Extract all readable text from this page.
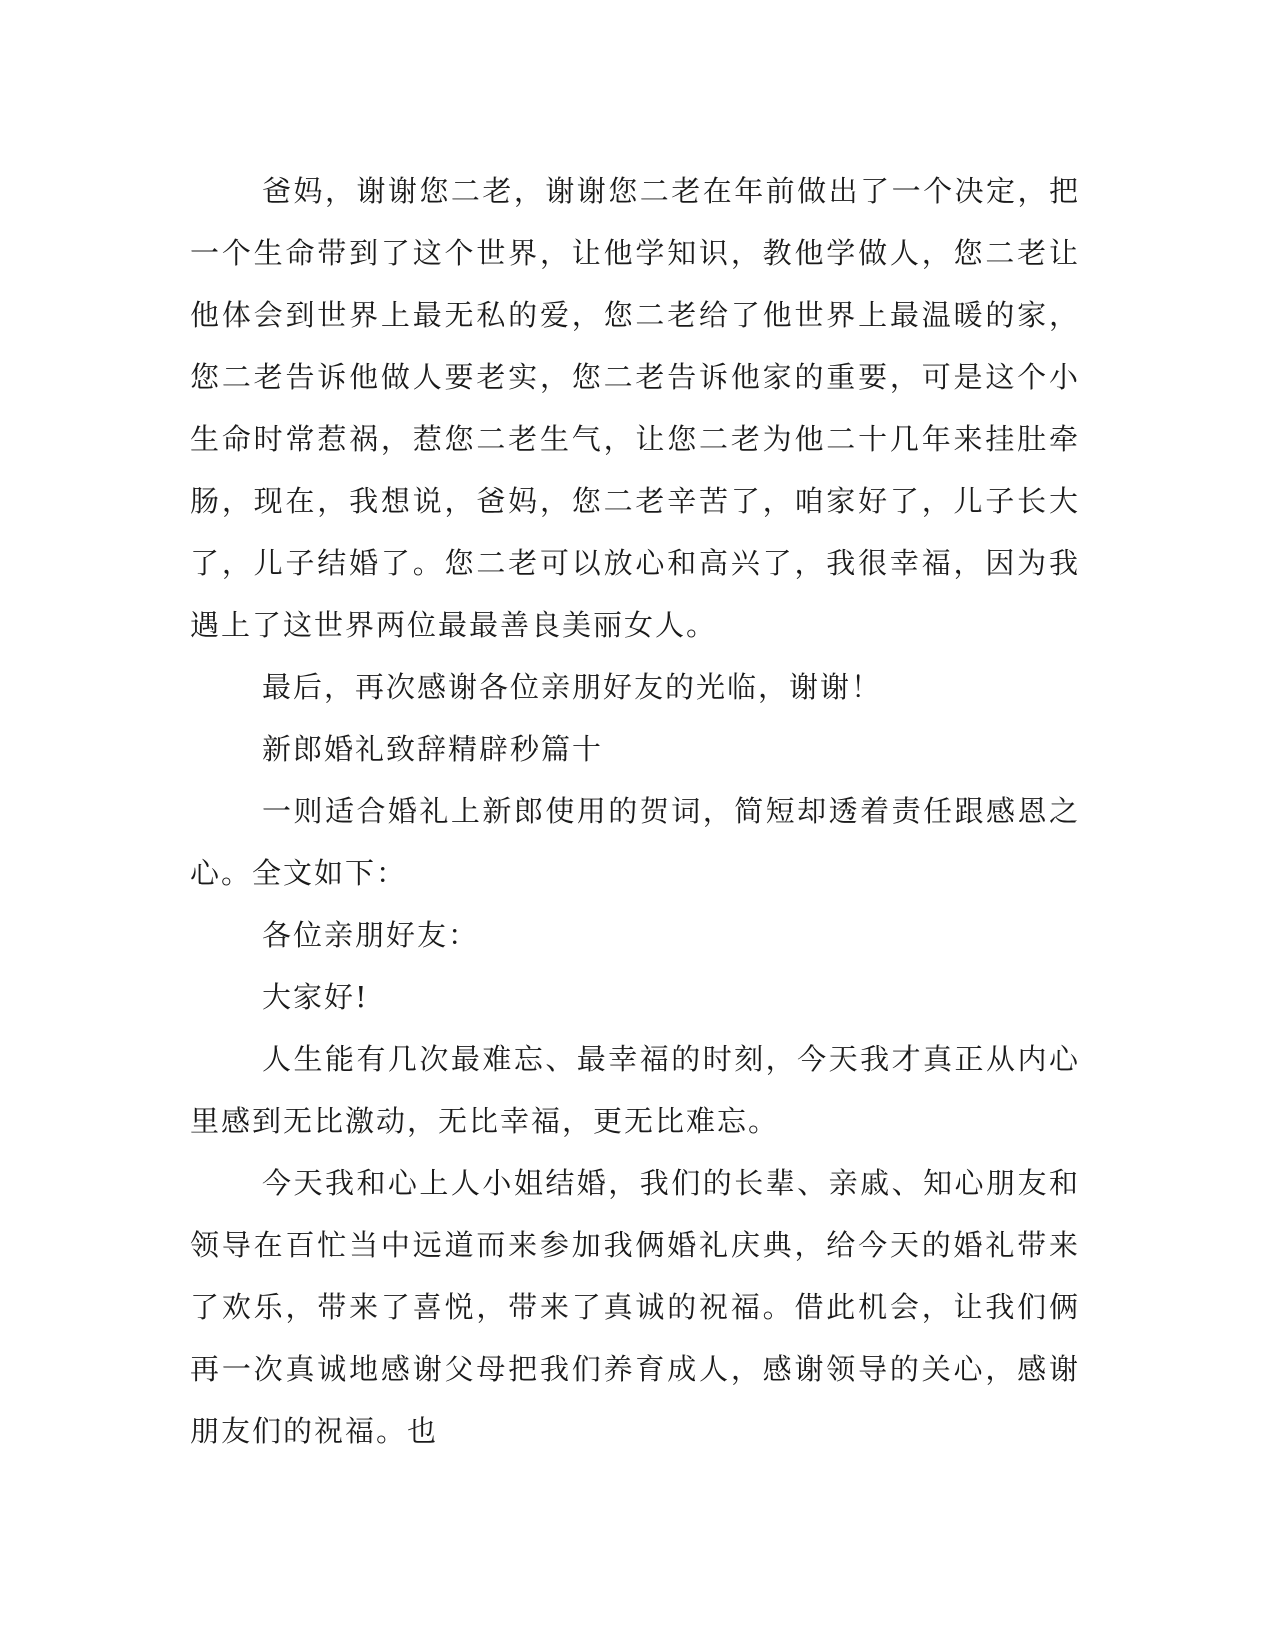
爸妈，谢谢您二老，谢谢您二老在年前做出了一个决定，把一个生命带到了这个世界，让他学知识，教他学做人，您二老让他体会到世界上最无私的爱，您二老给了他世界上最温暖的家，您二老告诉他做人要老实，您二老告诉他家的重要，可是这个小生命时常惹祸，惹您二老生气，让您二老为他二十几年来挂肚牵肠，现在，我想说，爸妈，您二老辛苦了，咱家好了，儿子长大了，儿子结婚了。您二老可以放心和高兴了，我很幸福，因为我遇上了这世界两位最最善良美丽女人。

最后，再次感谢各位亲朋好友的光临，谢谢！

新郎婚礼致辞精辟秒篇十

一则适合婚礼上新郎使用的贺词，简短却透着责任跟感恩之心。全文如下：

各位亲朋好友：

大家好!

人生能有几次最难忘、最幸福的时刻，今天我才真正从内心里感到无比激动，无比幸福，更无比难忘。

今天我和心上人小姐结婚，我们的长辈、亲戚、知心朋友和领导在百忙当中远道而来参加我俩婚礼庆典，给今天的婚礼带来了欢乐，带来了喜悦，带来了真诚的祝福。借此机会，让我们俩再一次真诚地感谢父母把我们养育成人，感谢领导的关心，感谢朋友们的祝福。也
